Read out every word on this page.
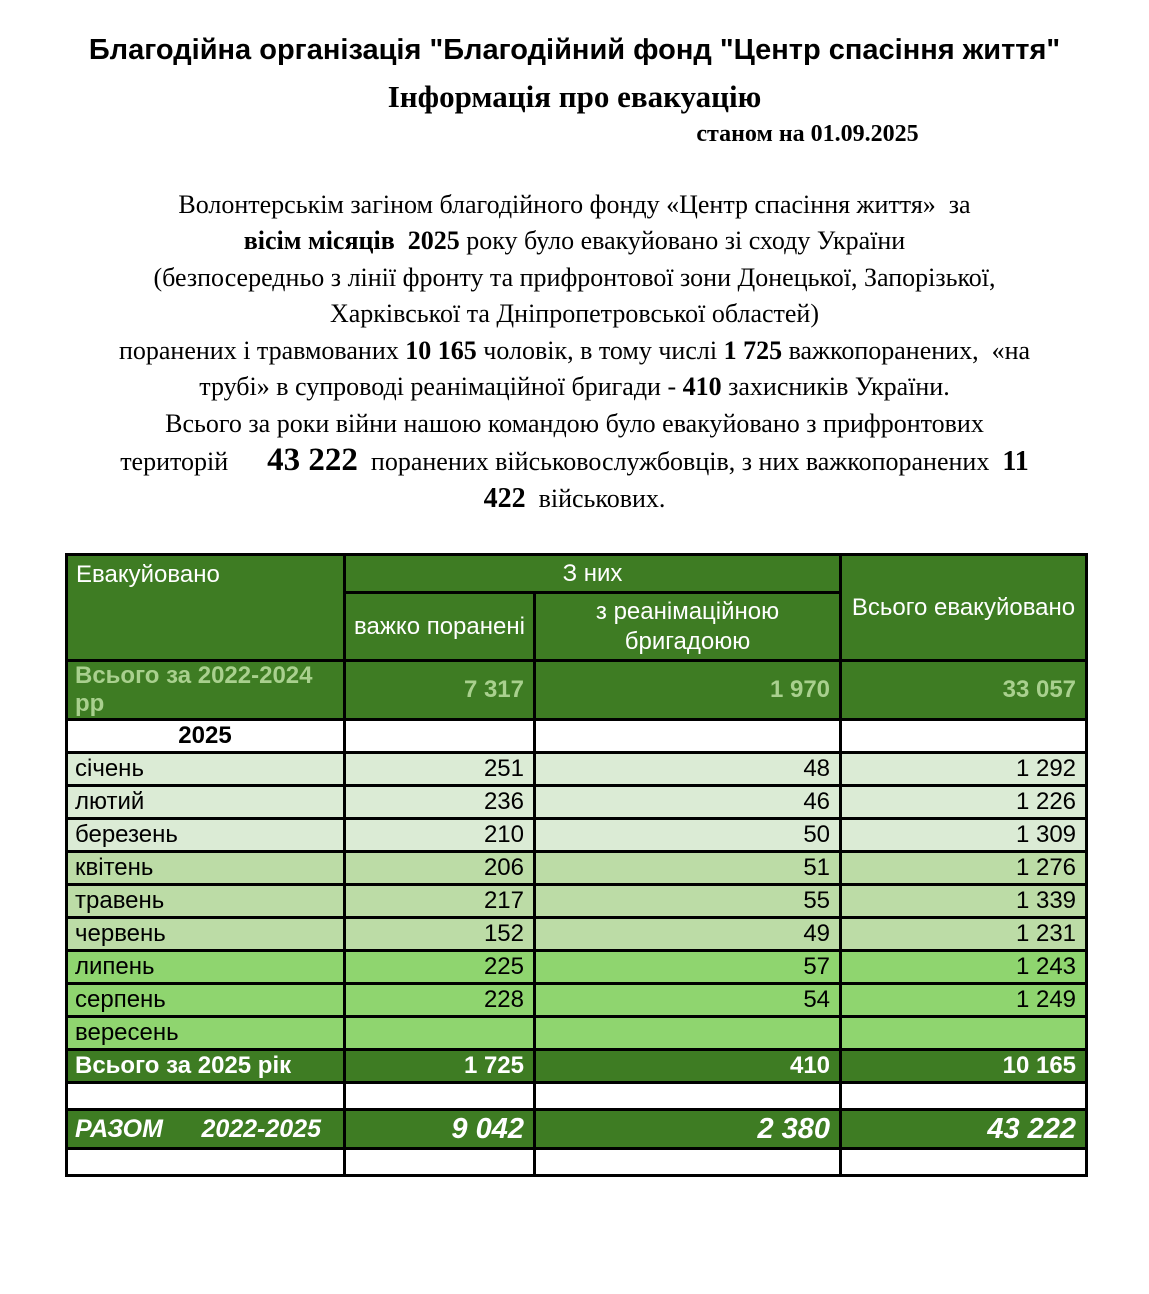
Благодійна організація "Благодійний фонд "Центр спасіння життя"
Інформація про евакуацію
станом на 01.09.2025
Волонтерськім загіном благодійного фонду «Центр спасіння життя»  за
вісім місяців  2025 року було евакуйовано зі сходу України
(безпосередньо з лінії фронту та прифронтової зони Донецької, Запорізької,
Харківської та Дніпропетровської областей)
поранених і травмованих 10 165 чоловік, в тому числі 1 725 важкопоранених,  «на
трубі» в супроводі реанімаційної бригади - 410 захисників України.
Всього за роки війни нашою командою було евакуйовано з прифронтових
територій      43 222  поранених військовослужбовців, з них важкопоранених  11
422  військових.
Евакуйовано	З них		Всього евакуйовано
	важко поранені	з реанімаційною бригадоюю	
Всього за 2022-2024 рр	7 317	1 970	33 057
2025			
січень	251	48	1 292
лютий	236	46	1 226
березень	210	50	1 309
квітень	206	51	1 276
травень	217	55	1 339
червень	152	49	1 231
липень	225	57	1 243
серпень	228	54	1 249
вересень			
Всього за 2025 рік	1 725	410	10 165

РАЗОМ 2022-2025	9 042	2 380	43 222
